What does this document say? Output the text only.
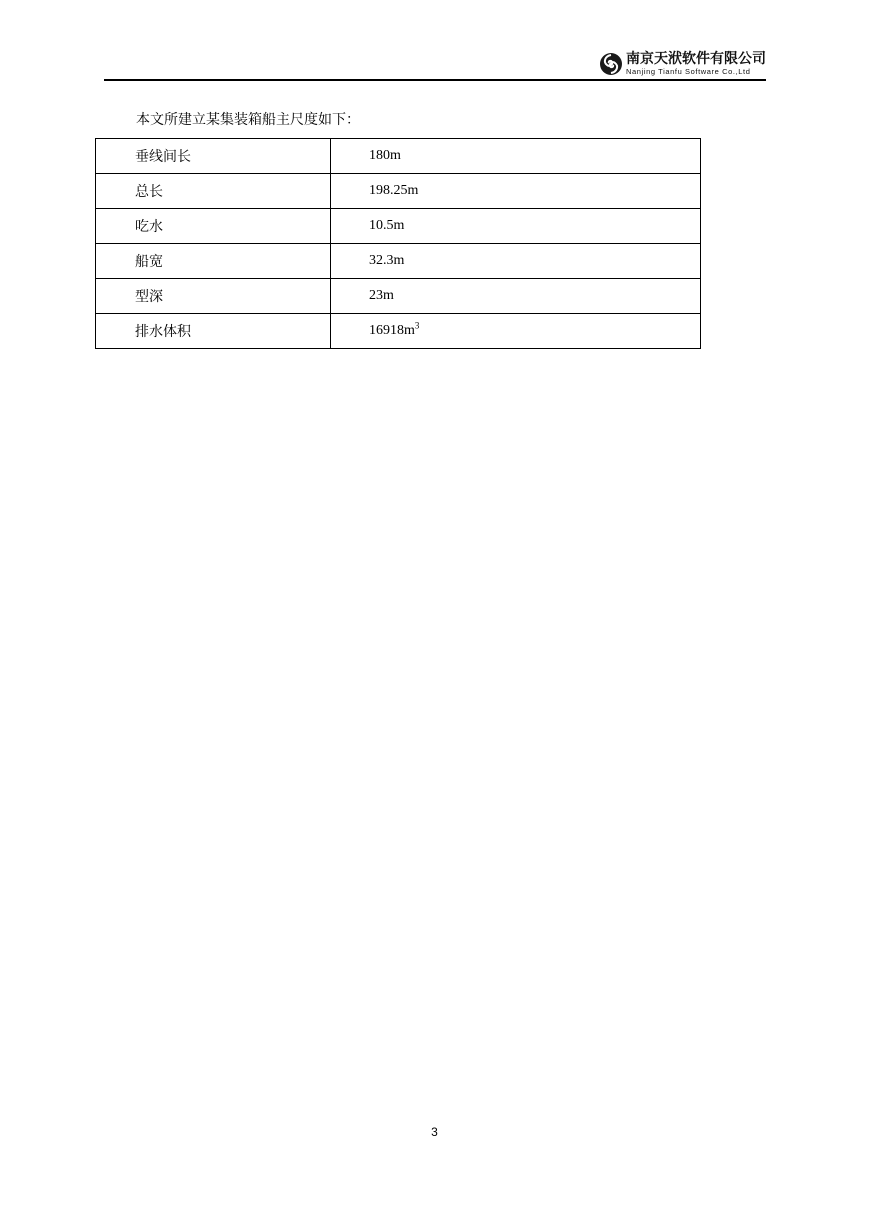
南京天洑软件有限公司
Nanjing Tianfu Software Co.,Ltd
本文所建立某集装箱船主尺度如下：
垂线间长	180m
总长	198.25m
吃水	10.5m
船宽	32.3m
型深	23m
排水体积	$16918m^3$
3
